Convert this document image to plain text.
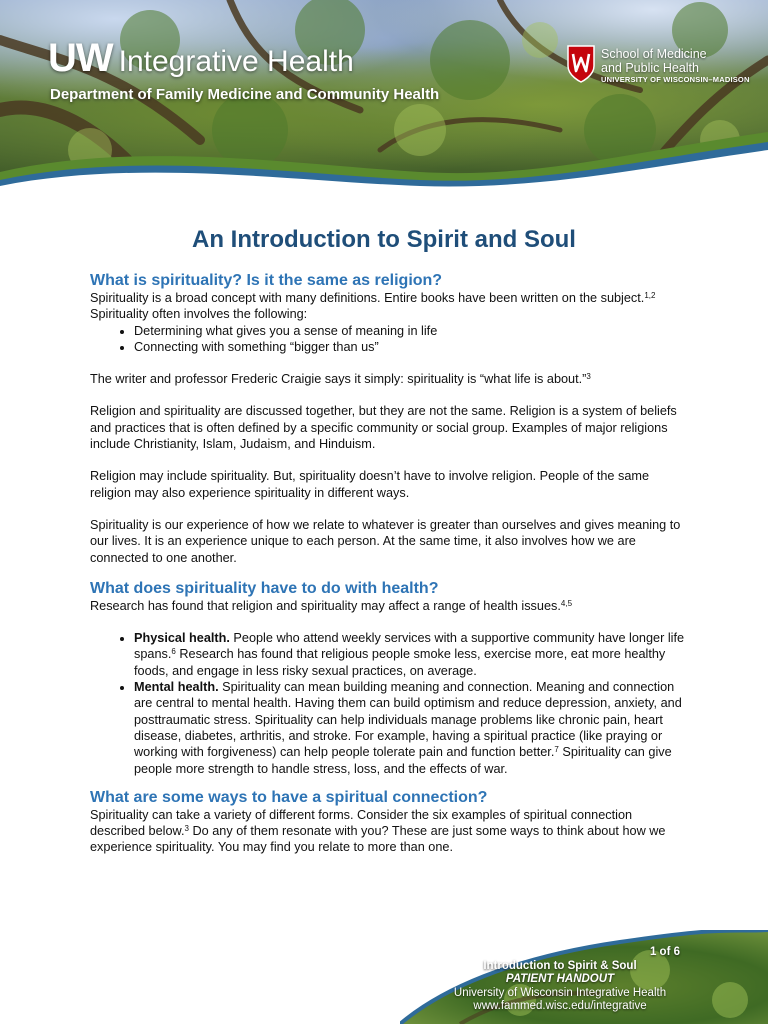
UW Integrative Health
Department of Family Medicine and Community Health
School of Medicine
and Public Health
UNIVERSITY OF WISCONSIN–MADISON
An Introduction to Spirit and Soul
What is spirituality? Is it the same as religion?

Spirituality is a broad concept with many definitions. Entire books have been written on the subject.$^{1,2}$ Spirituality often involves the following:

• Determining what gives you a sense of meaning in life
• Connecting with something “bigger than us”

The writer and professor Frederic Craigie says it simply: spirituality is “what life is about.”$^3$

Religion and spirituality are discussed together, but they are not the same. Religion is a system of beliefs and practices that is often defined by a specific community or social group. Examples of major religions include Christianity, Islam, Judaism, and Hinduism.

Religion may include spirituality. But, spirituality doesn’t have to involve religion. People of the same religion may also experience spirituality in different ways.

Spirituality is our experience of how we relate to whatever is greater than ourselves and gives meaning to our lives. It is an experience unique to each person. At the same time, it also involves how we are connected to one another.

What does spirituality have to do with health?

Research has found that religion and spirituality may affect a range of health issues.$^{4,5}$

• Physical health. People who attend weekly services with a supportive community have longer life spans.$^6$ Research has found that religious people smoke less, exercise more, eat more healthy foods, and engage in less risky sexual practices, on average.
• Mental health. Spirituality can mean building meaning and connection. Meaning and connection are central to mental health. Having them can build optimism and reduce depression, anxiety, and posttraumatic stress. Spirituality can help individuals manage problems like chronic pain, heart disease, diabetes, arthritis, and stroke. For example, having a spiritual practice (like praying or working with forgiveness) can help people tolerate pain and function better.$^7$ Spirituality can give people more strength to handle stress, loss, and the effects of war.
What are some ways to have a spiritual connection?

Spirituality can take a variety of different forms. Consider the six examples of spiritual connection described below.$^3$ Do any of them resonate with you? These are just some ways to think about how we experience spirituality. You may find you relate to more than one.

1 of 6
Introduction to Spirit & Soul
PATIENT HANDOUT
University of Wisconsin Integrative Health
www.fammed.wisc.edu/integrative
